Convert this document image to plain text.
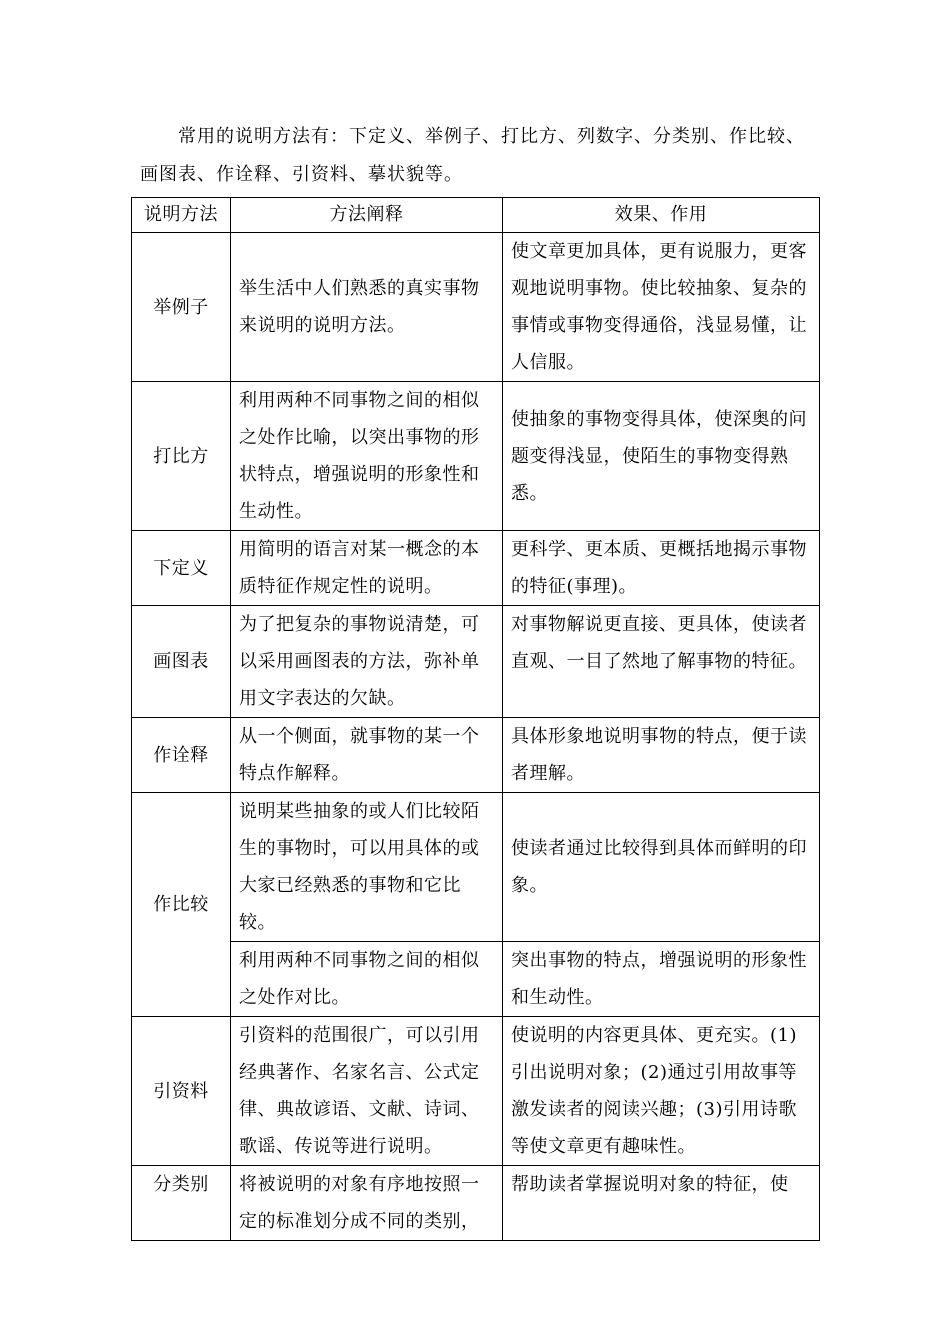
常用的说明方法有：下定义、举例子、打比方、列数字、分类别、作比较、画图表、作诠释、引资料、摹状貌等。

说明方法	方法阐释	效果、作用
举例子	举生活中人们熟悉的真实事物来说明的说明方法。	使文章更加具体，更有说服力，更客观地说明事物。使比较抽象、复杂的事情或事物变得通俗，浅显易懂，让人信服。
打比方	利用两种不同事物之间的相似之处作比喻，以突出事物的形状特点，增强说明的形象性和生动性。	使抽象的事物变得具体，使深奥的问题变得浅显，使陌生的事物变得熟悉。
下定义	用简明的语言对某一概念的本质特征作规定性的说明。	更科学、更本质、更概括地揭示事物的特征(事理)。
画图表	为了把复杂的事物说清楚，可以采用画图表的方法，弥补单用文字表达的欠缺。	对事物解说更直接、更具体，使读者直观、一目了然地了解事物的特征。
作诠释	从一个侧面，就事物的某一个特点作解释。	具体形象地说明事物的特点，便于读者理解。
作比较	说明某些抽象的或人们比较陌生的事物时，可以用具体的或大家已经熟悉的事物和它比较。	使读者通过比较得到具体而鲜明的印象。
	利用两种不同事物之间的相似之处作对比。	突出事物的特点，增强说明的形象性和生动性。
引资料	引资料的范围很广，可以引用经典著作、名家名言、公式定律、典故谚语、文献、诗词、歌谣、传说等进行说明。	使说明的内容更具体、更充实。(1)引出说明对象；(2)通过引用故事等激发读者的阅读兴趣；(3)引用诗歌等使文章更有趣味性。
分类别	将被说明的对象有序地按照一定的标准划分成不同的类别，	帮助读者掌握说明对象的特征，使
